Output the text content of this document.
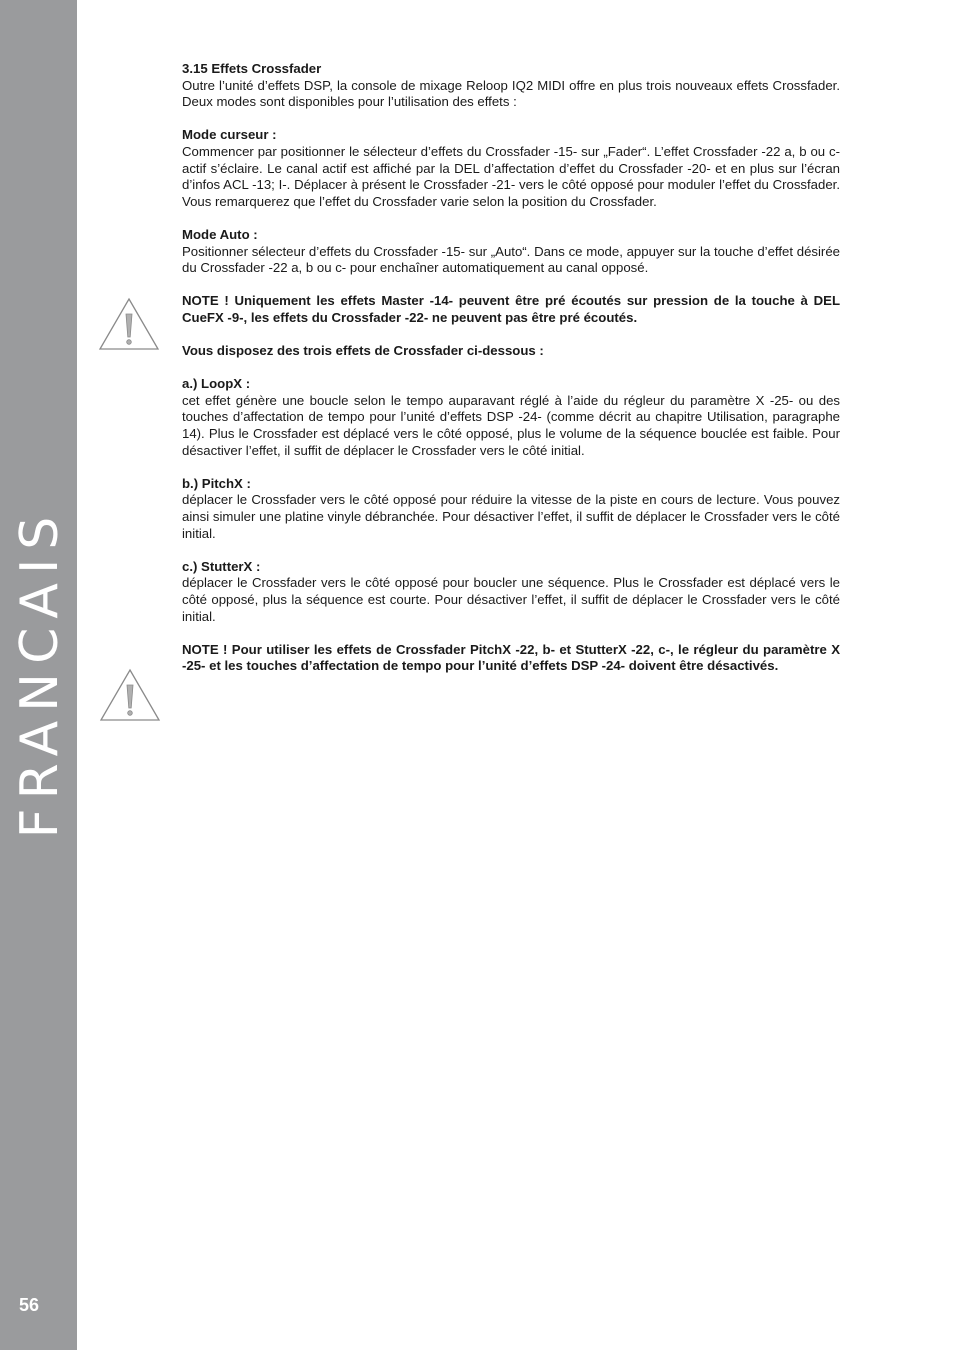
FRANCAIS
56

3.15 Effets Crossfader

Outre l’unité d’effets DSP, la console de mixage Reloop IQ2 MIDI offre en plus trois nouveaux effets Crossfader. Deux modes sont disponibles pour l’utilisation des effets :

Mode curseur :

Commencer par positionner le sélecteur d’effets du Crossfader -15- sur „Fader“. L’effet Crossfader -22 a, b ou c- actif s’éclaire. Le canal actif est affiché par la DEL d’affectation d’effet du Crossfader -20- et en plus sur l’écran d’infos ACL -13; I-. Déplacer à présent le Crossfader -21- vers le côté opposé pour moduler l’effet du Crossfader. Vous remarquerez que l’effet du Crossfader varie selon la position du Crossfader.

Mode Auto :

Positionner sélecteur d’effets du Crossfader -15- sur „Auto“. Dans ce mode, appuyer sur la touche d’effet désirée du Crossfader -22 a, b ou c- pour enchaîner automatiquement au canal opposé.

NOTE ! Uniquement les effets Master -14- peuvent être pré écoutés sur pression de la touche à DEL CueFX -9-, les effets du Crossfader -22- ne peuvent pas être pré écoutés.

Vous disposez des trois effets de Crossfader ci-dessous :

a.) LoopX :

cet effet génère une boucle selon le tempo auparavant réglé à l’aide du régleur du paramètre X -25- ou des touches d’affectation de tempo pour l’unité d’effets DSP -24- (comme décrit au chapitre Utilisation, paragraphe 14). Plus le Crossfader est déplacé vers le côté opposé, plus le volume de la séquence bouclée est faible. Pour désactiver l’effet, il suffit de déplacer le Crossfader vers le côté initial.

b.) PitchX :

déplacer le Crossfader vers le côté opposé pour réduire la vitesse de la piste en cours de lecture. Vous pouvez ainsi simuler une platine vinyle débranchée. Pour désactiver l’effet, il suffit de déplacer le Crossfader vers le côté initial.

c.) StutterX :

déplacer le Crossfader vers le côté opposé pour boucler une séquence. Plus le Crossfader est déplacé vers le côté opposé, plus la séquence est courte. Pour désactiver l’effet, il suffit de déplacer le Crossfader vers le côté initial.

NOTE ! Pour utiliser les effets de Crossfader PitchX -22, b- et StutterX -22, c-, le régleur du paramètre X -25- et les touches d’affectation de tempo pour l’unité d’effets DSP -24- doivent être désactivés.
